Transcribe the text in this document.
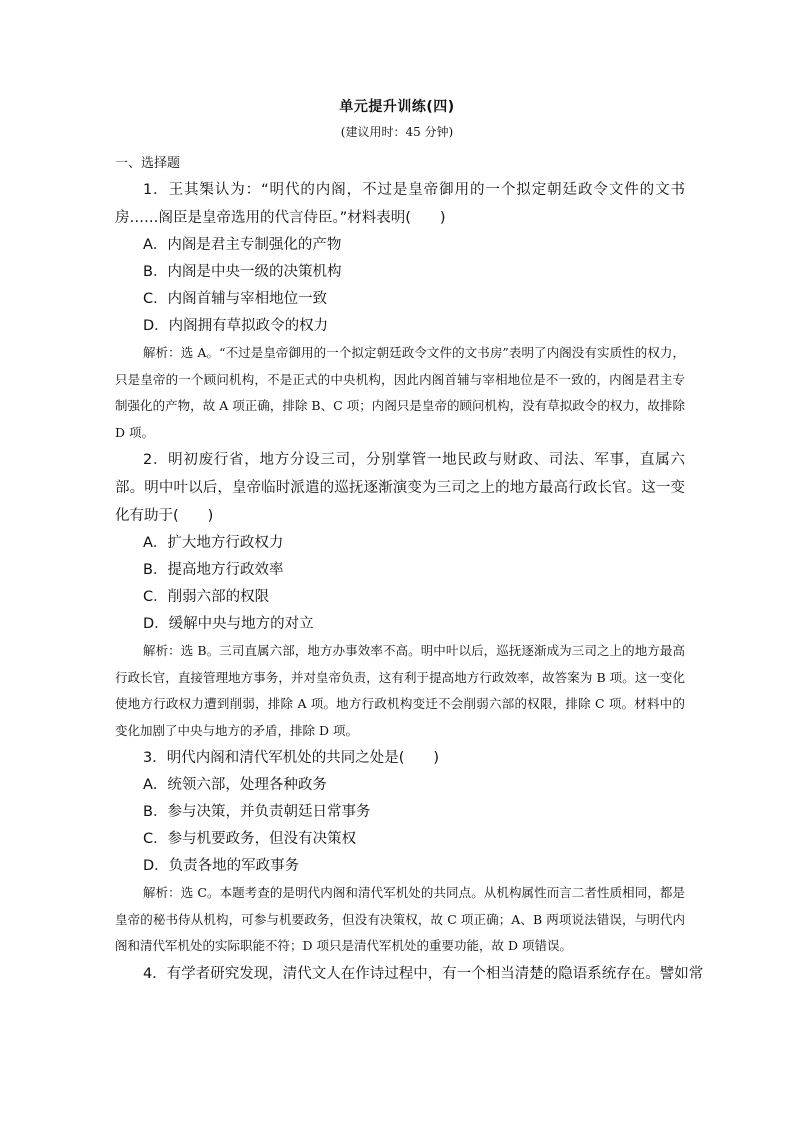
单元提升训练(四)
(建议用时：45 分钟)
一、选择题

1．王其榘认为：“明代的内阁，不过是皇帝御用的一个拟定朝廷政令文件的文书房……阁臣是皇帝选用的代言侍臣。”材料表明(　　)

A．内阁是君主专制强化的产物
B．内阁是中央一级的决策机构
C．内阁首辅与宰相地位一致
D．内阁拥有草拟政令的权力

解析：选 A。“不过是皇帝御用的一个拟定朝廷政令文件的文书房”表明了内阁没有实质性的权力，只是皇帝的一个顾问机构，不是正式的中央机构，因此内阁首辅与宰相地位是不一致的，内阁是君主专制强化的产物，故 A 项正确，排除 B、C 项；内阁只是皇帝的顾问机构，没有草拟政令的权力，故排除 D 项。

2．明初废行省，地方分设三司，分别掌管一地民政与财政、司法、军事，直属六部。明中叶以后，皇帝临时派遣的巡抚逐渐演变为三司之上的地方最高行政长官。这一变化有助于(　　)

A．扩大地方行政权力
B．提高地方行政效率
C．削弱六部的权限
D．缓解中央与地方的对立

解析：选 B。三司直属六部，地方办事效率不高。明中叶以后，巡抚逐渐成为三司之上的地方最高行政长官，直接管理地方事务，并对皇帝负责，这有利于提高地方行政效率，故答案为 B 项。这一变化使地方行政权力遭到削弱，排除 A 项。地方行政机构变迁不会削弱六部的权限，排除 C 项。材料中的变化加剧了中央与地方的矛盾，排除 D 项。

3．明代内阁和清代军机处的共同之处是(　　)

A．统领六部，处理各种政务
B．参与决策，并负责朝廷日常事务
C．参与机要政务，但没有决策权
D．负责各地的军政事务

解析：选 C。本题考查的是明代内阁和清代军机处的共同点。从机构属性而言二者性质相同，都是皇帝的秘书侍从机构，可参与机要政务，但没有决策权，故 C 项正确；A、B 两项说法错误，与明代内阁和清代军机处的实际职能不符；D 项只是清代军机处的重要功能，故 D 项错误。

4．有学者研究发现，清代文人在作诗过程中，有一个相当清楚的隐语系统存在。譬如常
